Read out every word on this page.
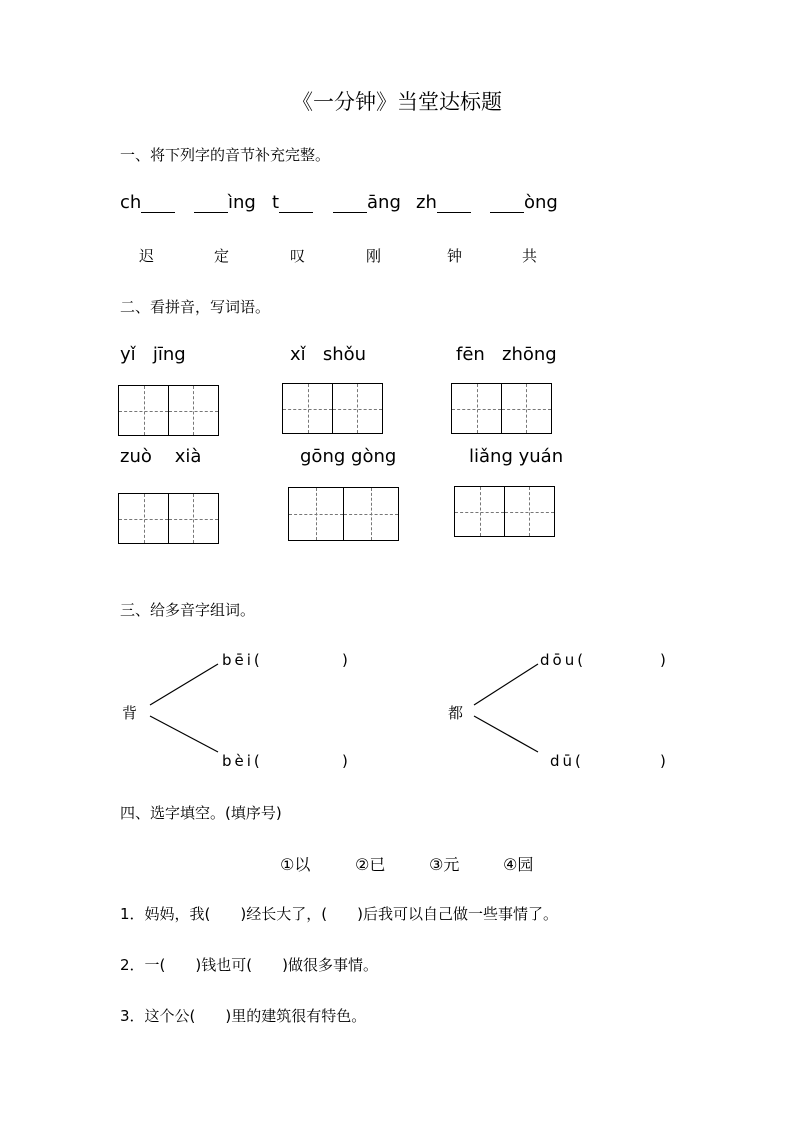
《一分钟》当堂达标题
一、将下列字的音节补充完整。
ch	ìng t	āng zh	òng
迟	定	叹	刚	钟	共
二、看拼音，写词语。
yǐ jīng	xǐ shǒu	fēn zhōng
zuò xià	gōng gòng	liǎng yuán
三、给多音字组词。
背
bēi(	)
bèi(	)
都
dōu(	)
dū(	)
四、选字填空。(填序号)
①以	②已	③元	④园
1．妈妈，我(　　)经长大了，(　　)后我可以自己做一些事情了。
2．一(　　)钱也可(　　)做很多事情。
3．这个公(　　)里的建筑很有特色。
